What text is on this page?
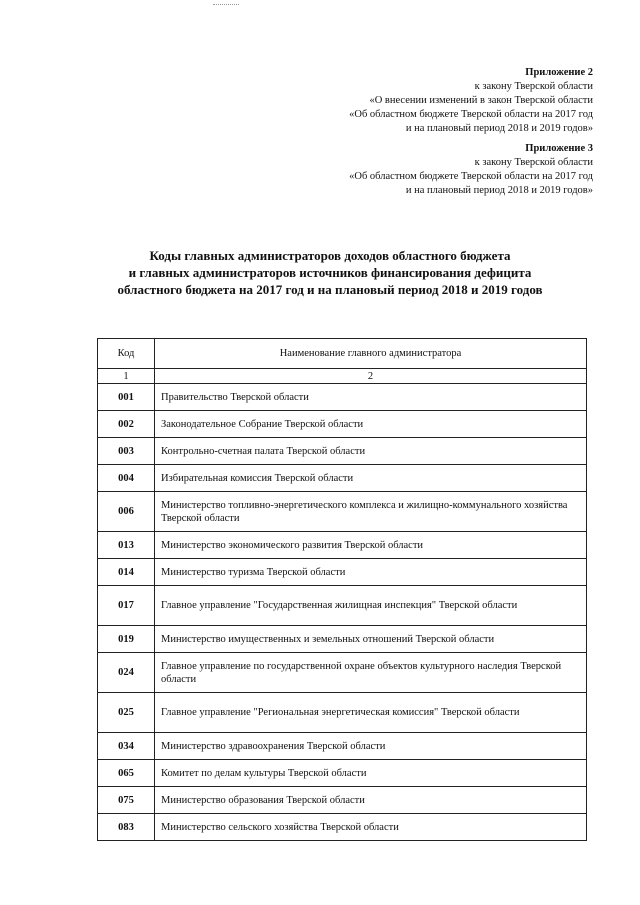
Приложение 2
к закону Тверской области
«О внесении изменений в закон Тверской области
«Об областном бюджете Тверской области на 2017 год
и на плановый период 2018 и 2019 годов»
Приложение 3
к закону Тверской области
«Об областном бюджете Тверской области на 2017 год
и на плановый период 2018 и 2019 годов»
Коды главных администраторов доходов областного бюджета
и главных администраторов источников финансирования дефицита
областного бюджета на 2017 год и на плановый период 2018 и 2019 годов
Код	Наименование главного администратора
1	2
001	Правительство Тверской области
002	Законодательное Собрание Тверской области
003	Контрольно-счетная палата Тверской области
004	Избирательная комиссия Тверской области
006	Министерство топливно-энергетического комплекса и жилищно-коммунального хозяйства Тверской области
013	Министерство экономического развития Тверской области
014	Министерство туризма Тверской области
017	Главное управление "Государственная жилищная инспекция" Тверской области
019	Министерство имущественных и земельных отношений Тверской области
024	Главное управление по государственной охране объектов культурного наследия Тверской области
025	Главное управление "Региональная энергетическая комиссия" Тверской области
034	Министерство здравоохранения Тверской области
065	Комитет по делам культуры Тверской области
075	Министерство образования Тверской области
083	Министерство сельского хозяйства Тверской области
